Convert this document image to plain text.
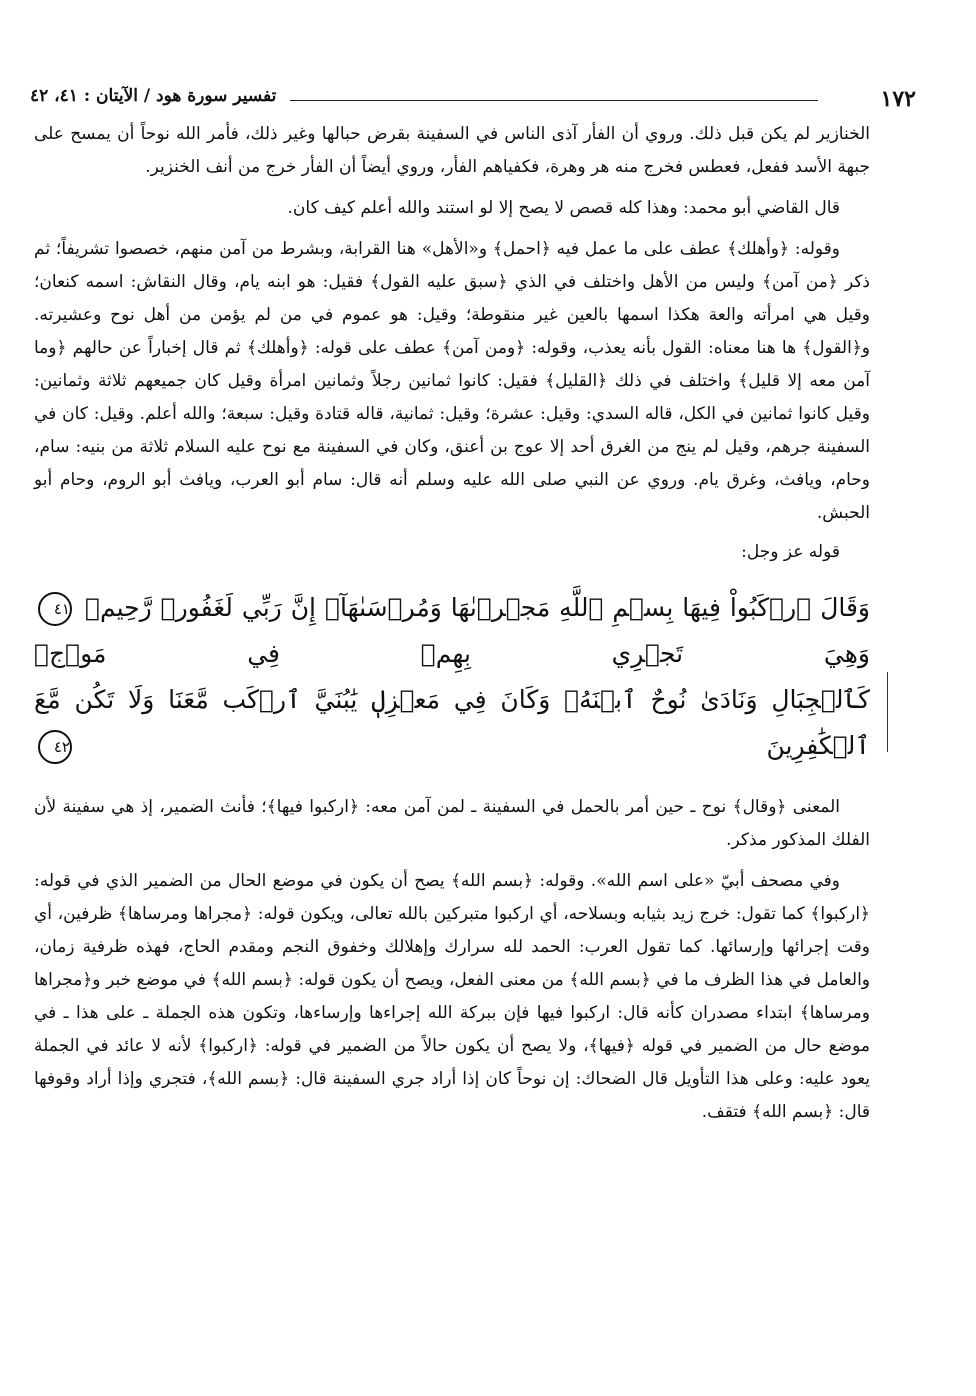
١٧٢
تفسير سورة هود / الآيتان : ٤١، ٤٢

الخنازير لم يكن قبل ذلك. وروي أن الفأر آذى الناس في السفينة بقرض حبالها وغير ذلك، فأمر الله نوحاً أن يمسح على جبهة الأسد ففعل، فعطس فخرج منه هر وهرة، فكفياهم الفأر، وروي أيضاً أن الفأر خرج من أنف الخنزير.

قال القاضي أبو محمد: وهذا كله قصص لا يصح إلا لو استند والله أعلم كيف كان.

وقوله: ﴿وأهلك﴾ عطف على ما عمل فيه ﴿احمل﴾ و«الأهل» هنا القرابة، وبشرط من آمن منهم، خصصوا تشريفاً؛ ثم ذكر ﴿من آمن﴾ وليس من الأهل واختلف في الذي ﴿سبق عليه القول﴾ فقيل: هو ابنه يام، وقال النقاش: اسمه كنعان؛ وقيل هي امرأته والعة هكذا اسمها بالعين غير منقوطة؛ وقيل: هو عموم في من لم يؤمن من أهل نوح وعشيرته. و﴿القول﴾ ها هنا معناه: القول بأنه يعذب، وقوله: ﴿ومن آمن﴾ عطف على قوله: ﴿وأهلك﴾ ثم قال إخباراً عن حالهم ﴿وما آمن معه إلا قليل﴾ واختلف في ذلك ﴿القليل﴾ فقيل: كانوا ثمانين رجلاً وثمانين امرأة وقيل كان جميعهم ثلاثة وثمانين: وقيل كانوا ثمانين في الكل، قاله السدي: وقيل: عشرة؛ وقيل: ثمانية، قاله قتادة وقيل: سبعة؛ والله أعلم. وقيل: كان في السفينة جرهم، وقيل لم ينج من الغرق أحد إلا عوج بن أعنق، وكان في السفينة مع نوح عليه السلام ثلاثة من بنيه: سام، وحام، ويافث، وغرق يام. وروي عن النبي صلى الله عليه وسلم أنه قال: سام أبو العرب، ويافث أبو الروم، وحام أبو الحبش.

قوله عز وجل:

وَقَالَ ٱرۡكَبُواْ فِيهَا بِسۡمِ ٱللَّهِ مَجۡرٜىٰهَا وَمُرۡسَىٰهَآۚ إِنَّ رَبِّي لَغَفُورٞ رَّحِيمٞ ٤١ وَهِيَ تَجۡرِي بِهِمۡ فِي مَوۡجٖ
كَٱلۡجِبَالِ وَنَادَىٰ نُوحٌ ٱبۡنَهُۥ وَكَانَ فِي مَعۡزِلٖ يَٰبُنَيَّ ٱرۡكَب مَّعَنَا وَلَا تَكُن مَّعَ ٱلۡكَٰفِرِينَ ٤٢

المعنى ﴿وقال﴾ نوح ـ حين أمر بالحمل في السفينة ـ لمن آمن معه: ﴿اركبوا فيها﴾؛ فأنث الضمير، إذ هي سفينة لأن الفلك المذكور مذكر.

وفي مصحف أبيّ «على اسم الله». وقوله: ﴿بسم الله﴾ يصح أن يكون في موضع الحال من الضمير الذي في قوله: ﴿اركبوا﴾ كما تقول: خرج زيد بثيابه وبسلاحه، أي اركبوا متبركين بالله تعالى، ويكون قوله: ﴿مجراها ومرساها﴾ ظرفين، أي وقت إجرائها وإرسائها. كما تقول العرب: الحمد لله سرارك وإهلالك وخفوق النجم ومقدم الحاج، فهذه ظرفية زمان، والعامل في هذا الظرف ما في ﴿بسم الله﴾ من معنى الفعل، ويصح أن يكون قوله: ﴿بسم الله﴾ في موضع خبر و﴿مجراها ومرساها﴾ ابتداء مصدران كأنه قال: اركبوا فيها فإن ببركة الله إجراءها وإرساءها، وتكون هذه الجملة ـ على هذا ـ في موضع حال من الضمير في قوله ﴿فيها﴾، ولا يصح أن يكون حالاً من الضمير في قوله: ﴿اركبوا﴾ لأنه لا عائد في الجملة يعود عليه: وعلى هذا التأويل قال الضحاك: إن نوحاً كان إذا أراد جري السفينة قال: ﴿بسم الله﴾، فتجري وإذا أراد وقوفها قال: ﴿بسم الله﴾ فتقف.
